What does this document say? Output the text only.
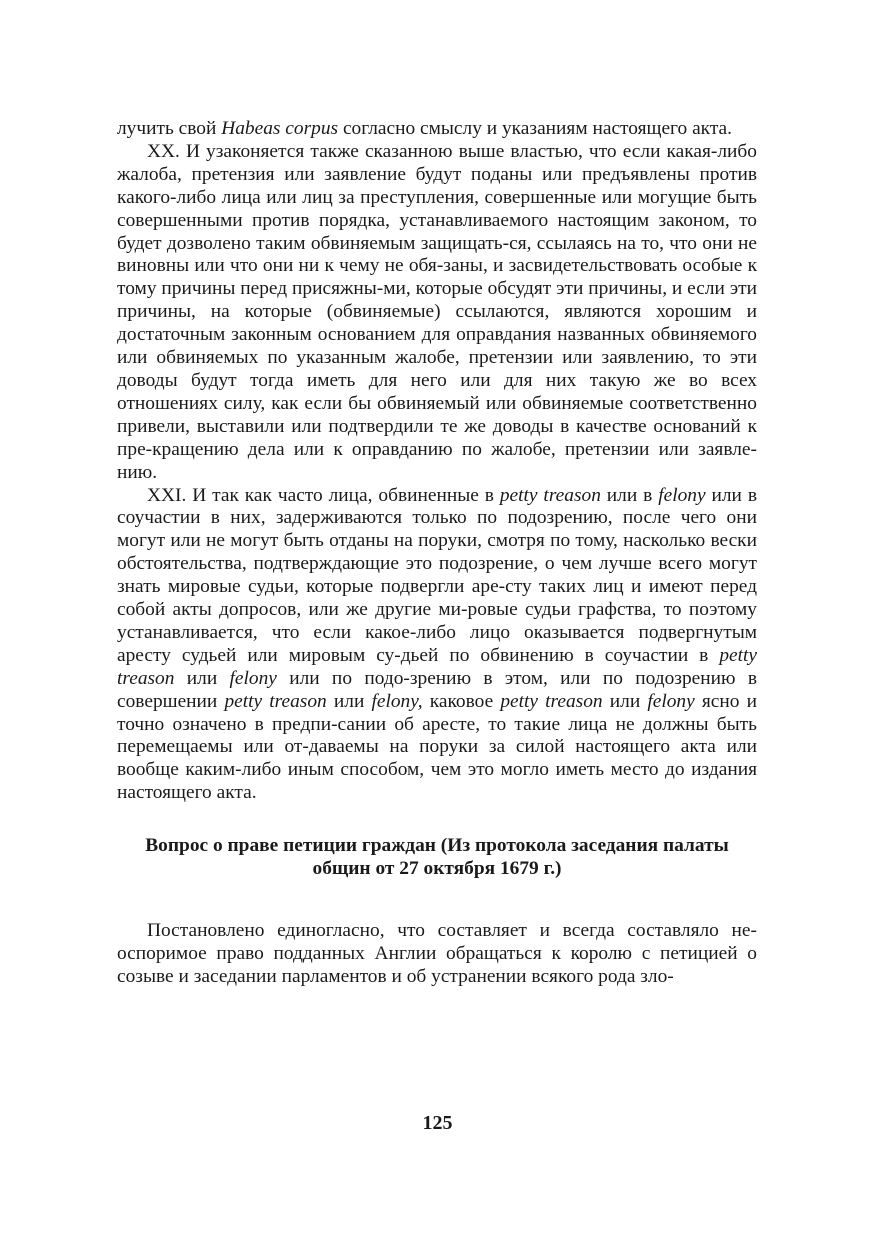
лучить свой Habeas corpus согласно смыслу и указаниям настоящего акта.

XX. И узаконяется также сказанною выше властью, что если какая-либо жалоба, претензия или заявление будут поданы или предъявлены против какого-либо лица или лиц за преступления, совершенные или могущие быть совершенными против порядка, устанавливаемого настоящим законом, то будет дозволено таким обвиняемым защищать-ся, ссылаясь на то, что они не виновны или что они ни к чему не обя-заны, и засвидетельствовать особые к тому причины перед присяжны-ми, которые обсудят эти причины, и если эти причины, на которые (обвиняемые) ссылаются, являются хорошим и достаточным законным основанием для оправдания названных обвиняемого или обвиняемых по указанным жалобе, претензии или заявлению, то эти доводы будут тогда иметь для него или для них такую же во всех отношениях силу, как если бы обвиняемый или обвиняемые соответственно привели, выставили или подтвердили те же доводы в качестве оснований к пре-кращению дела или к оправданию по жалобе, претензии или заявле-нию.

XXI. И так как часто лица, обвиненные в petty treason или в felony или в соучастии в них, задерживаются только по подозрению, после чего они могут или не могут быть отданы на поруки, смотря по тому, насколько вески обстоятельства, подтверждающие это подозрение, о чем лучше всего могут знать мировые судьи, которые подвергли аре-сту таких лиц и имеют перед собой акты допросов, или же другие ми-ровые судьи графства, то поэтому устанавливается, что если какое-либо лицо оказывается подвергнутым аресту судьей или мировым су-дьей по обвинению в соучастии в petty treason или felony или по подо-зрению в этом, или по подозрению в совершении petty treason или felony, каковое petty treason или felony ясно и точно означено в предпи-сании об аресте, то такие лица не должны быть перемещаемы или от-даваемы на поруки за силой настоящего акта или вообще каким-либо иным способом, чем это могло иметь место до издания настоящего акта.

Вопрос о праве петиции граждан (Из протокола заседания палаты
общин от 27 октября 1679 г.)

Постановлено единогласно, что составляет и всегда составляло не-оспоримое право подданных Англии обращаться к королю с петицией о созыве и заседании парламентов и об устранении всякого рода зло-

125
